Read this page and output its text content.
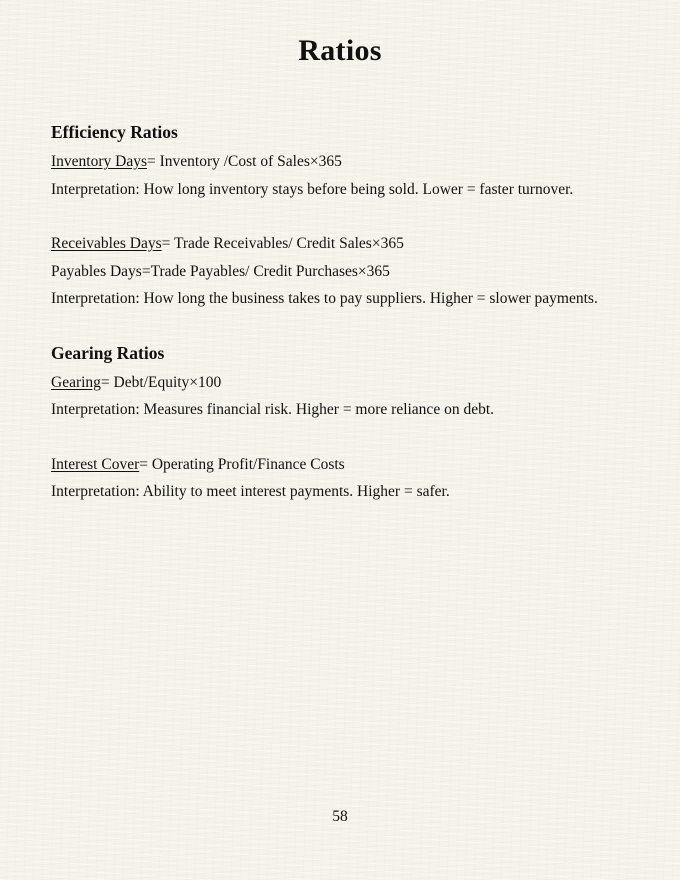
Ratios
Efficiency Ratios

Inventory Days= Inventory /Cost of Sales×365

Interpretation: How long inventory stays before being sold. Lower = faster turnover.

Receivables Days= Trade Receivables/ Credit Sales×365

Payables Days=Trade Payables/ Credit Purchases×365

Interpretation: How long the business takes to pay suppliers. Higher = slower payments.

Gearing Ratios

Gearing= Debt/Equity×100

Interpretation: Measures financial risk. Higher = more reliance on debt.

Interest Cover= Operating Profit/Finance Costs

Interpretation: Ability to meet interest payments. Higher = safer.

58
